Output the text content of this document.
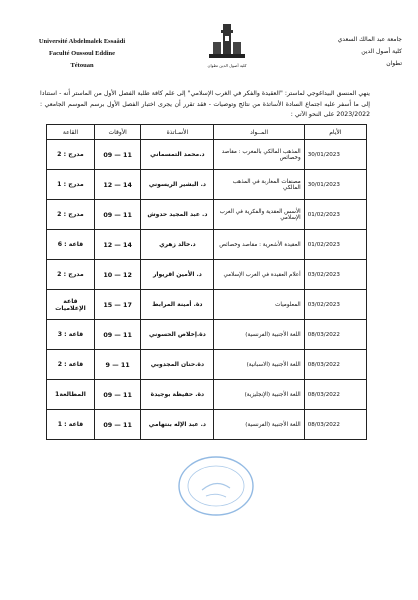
Université Abdelmalek Essaâdi
Faculté Oussoul Eddine
Tétouan	كلية أصول الدين تطوان
جامعة عبد المالك السعدي
كلية أصول الدين
تطوان
ينهي المنسق البيداغوجي لماستر: "العقيدة والفكر في الغرب الإسلامي" إلى علم كافة طلبة الفصل الأول من الماستر أنه - استنادا إلى ما أسفر عليه اجتماع السادة الأساتذة من نتائج وتوصيات - فقد تقرر أن يجرى اختبار الفصل الأول برسم الموسم الجامعي : 2023/2022 على النحو الآتي :
الأيام	المــواد	الأسـاتذة	الأوقات	القاعة
30/01/2023	المذهب المالكي بالمغرب : مقاصد وخصائص	د.محمد التمسماني	09 — 11	مدرج : 2
30/01/2023	مصنفات المغاربة في المذهب المالكي	د. البشير الريسوني	12 — 14	مدرج : 1
01/02/2023	الأسس العقدية والفكرية في الغرب الإسلامي	د. عبد المجيد حدوش	09 — 11	مدرج : 2
01/02/2023	العقيدة الأشعرية : مقاصد وخصائص	د.خالد زهري	12 — 14	قاعة : 6
03/02/2023	أعلام العقيدة في الغرب الإسلامي	د. الأمين اقريوار	10 — 12	مدرج : 2
03/02/2023	المعلوميات	دة. أمينة المرابط	15 — 17	قاعة الإعلاميات
08/03/2022	اللغة الأجنبية (الفرنسية)	دة.إخلاص الحسوني	09 — 11	قاعة : 3
08/03/2022	اللغة الأجنبية (الاسبانية)	دة.حنان المجدوبي	9 — 11	قاعة : 2
08/03/2022	اللغة الأجنبية (الإنجليزية)	دة. حفيظة بوجيدة	09 — 11	المطالعة1
08/03/2022	اللغة الأجنبية (الفرنسية)	د. عبد الإله بنتهامي	09 — 11	قاعة : 1
